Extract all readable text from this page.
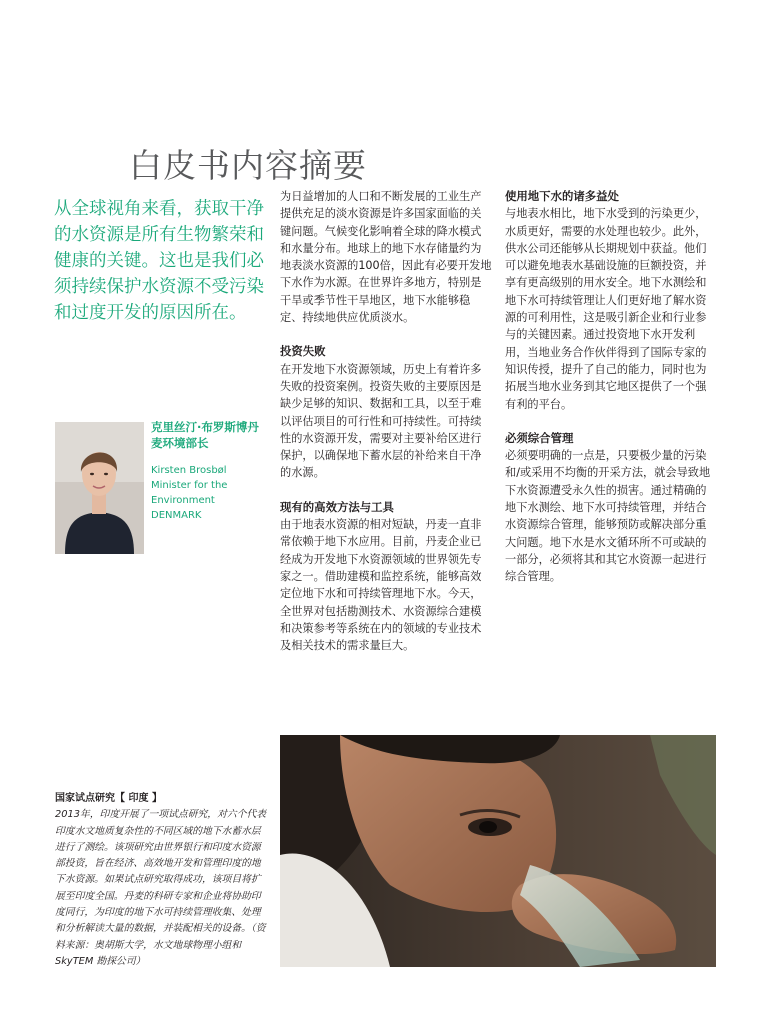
白皮书内容摘要
从全球视角来看，获取干净的水资源是所有生物繁荣和健康的关键。这也是我们必须持续保护水资源不受污染和过度开发的原因所在。
克里丝汀·布罗斯博丹麦环境部长
Kirsten Brosbøl
Minister for the
Environment
DENMARK

为日益增加的人口和不断发展的工业生产提供充足的淡水资源是许多国家面临的关键问题。气候变化影响着全球的降水模式和水量分布。地球上的地下水存储量约为地表淡水资源的100倍，因此有必要开发地下水作为水源。在世界许多地方，特别是干旱或季节性干旱地区，地下水能够稳定、持续地供应优质淡水。

投资失败

在开发地下水资源领域，历史上有着许多失败的投资案例。投资失败的主要原因是缺少足够的知识、数据和工具，以至于难以评估项目的可行性和可持续性。可持续性的水资源开发，需要对主要补给区进行保护，以确保地下蓄水层的补给来自干净的水源。

现有的高效方法与工具

由于地表水资源的相对短缺，丹麦一直非常依赖于地下水应用。目前，丹麦企业已经成为开发地下水资源领域的世界领先专家之一。借助建模和监控系统，能够高效定位地下水和可持续管理地下水。今天，全世界对包括勘测技术、水资源综合建模和决策参考等系统在内的领域的专业技术及相关技术的需求量巨大。

使用地下水的诸多益处

与地表水相比，地下水受到的污染更少，水质更好，需要的水处理也较少。此外，供水公司还能够从长期规划中获益。他们可以避免地表水基础设施的巨额投资，并享有更高级别的用水安全。地下水测绘和地下水可持续管理让人们更好地了解水资源的可利用性，这是吸引新企业和行业参与的关键因素。通过投资地下水开发利用，当地业务合作伙伴得到了国际专家的知识传授，提升了自己的能力，同时也为拓展当地水业务到其它地区提供了一个强有利的平台。

必须综合管理

必须要明确的一点是，只要极少量的污染和/或采用不均衡的开采方法，就会导致地下水资源遭受永久性的损害。通过精确的地下水测绘、地下水可持续管理，并结合水资源综合管理，能够预防或解决部分重大问题。地下水是水文循环所不可或缺的一部分，必须将其和其它水资源一起进行综合管理。

国家试点研究【 印度 】

2013年，印度开展了一项试点研究，对六个代表印度水文地质复杂性的不同区域的地下水蓄水层进行了测绘。该项研究由世界银行和印度水资源部投资，旨在经济、高效地开发和管理印度的地下水资源。如果试点研究取得成功，该项目将扩展至印度全国。丹麦的科研专家和企业将协助印度同行，为印度的地下水可持续管理收集、处理和分析解读大量的数据，并装配相关的设备。（资料来源：奥胡斯大学，水文地球物理小组和SkyTEM 勘探公司）
